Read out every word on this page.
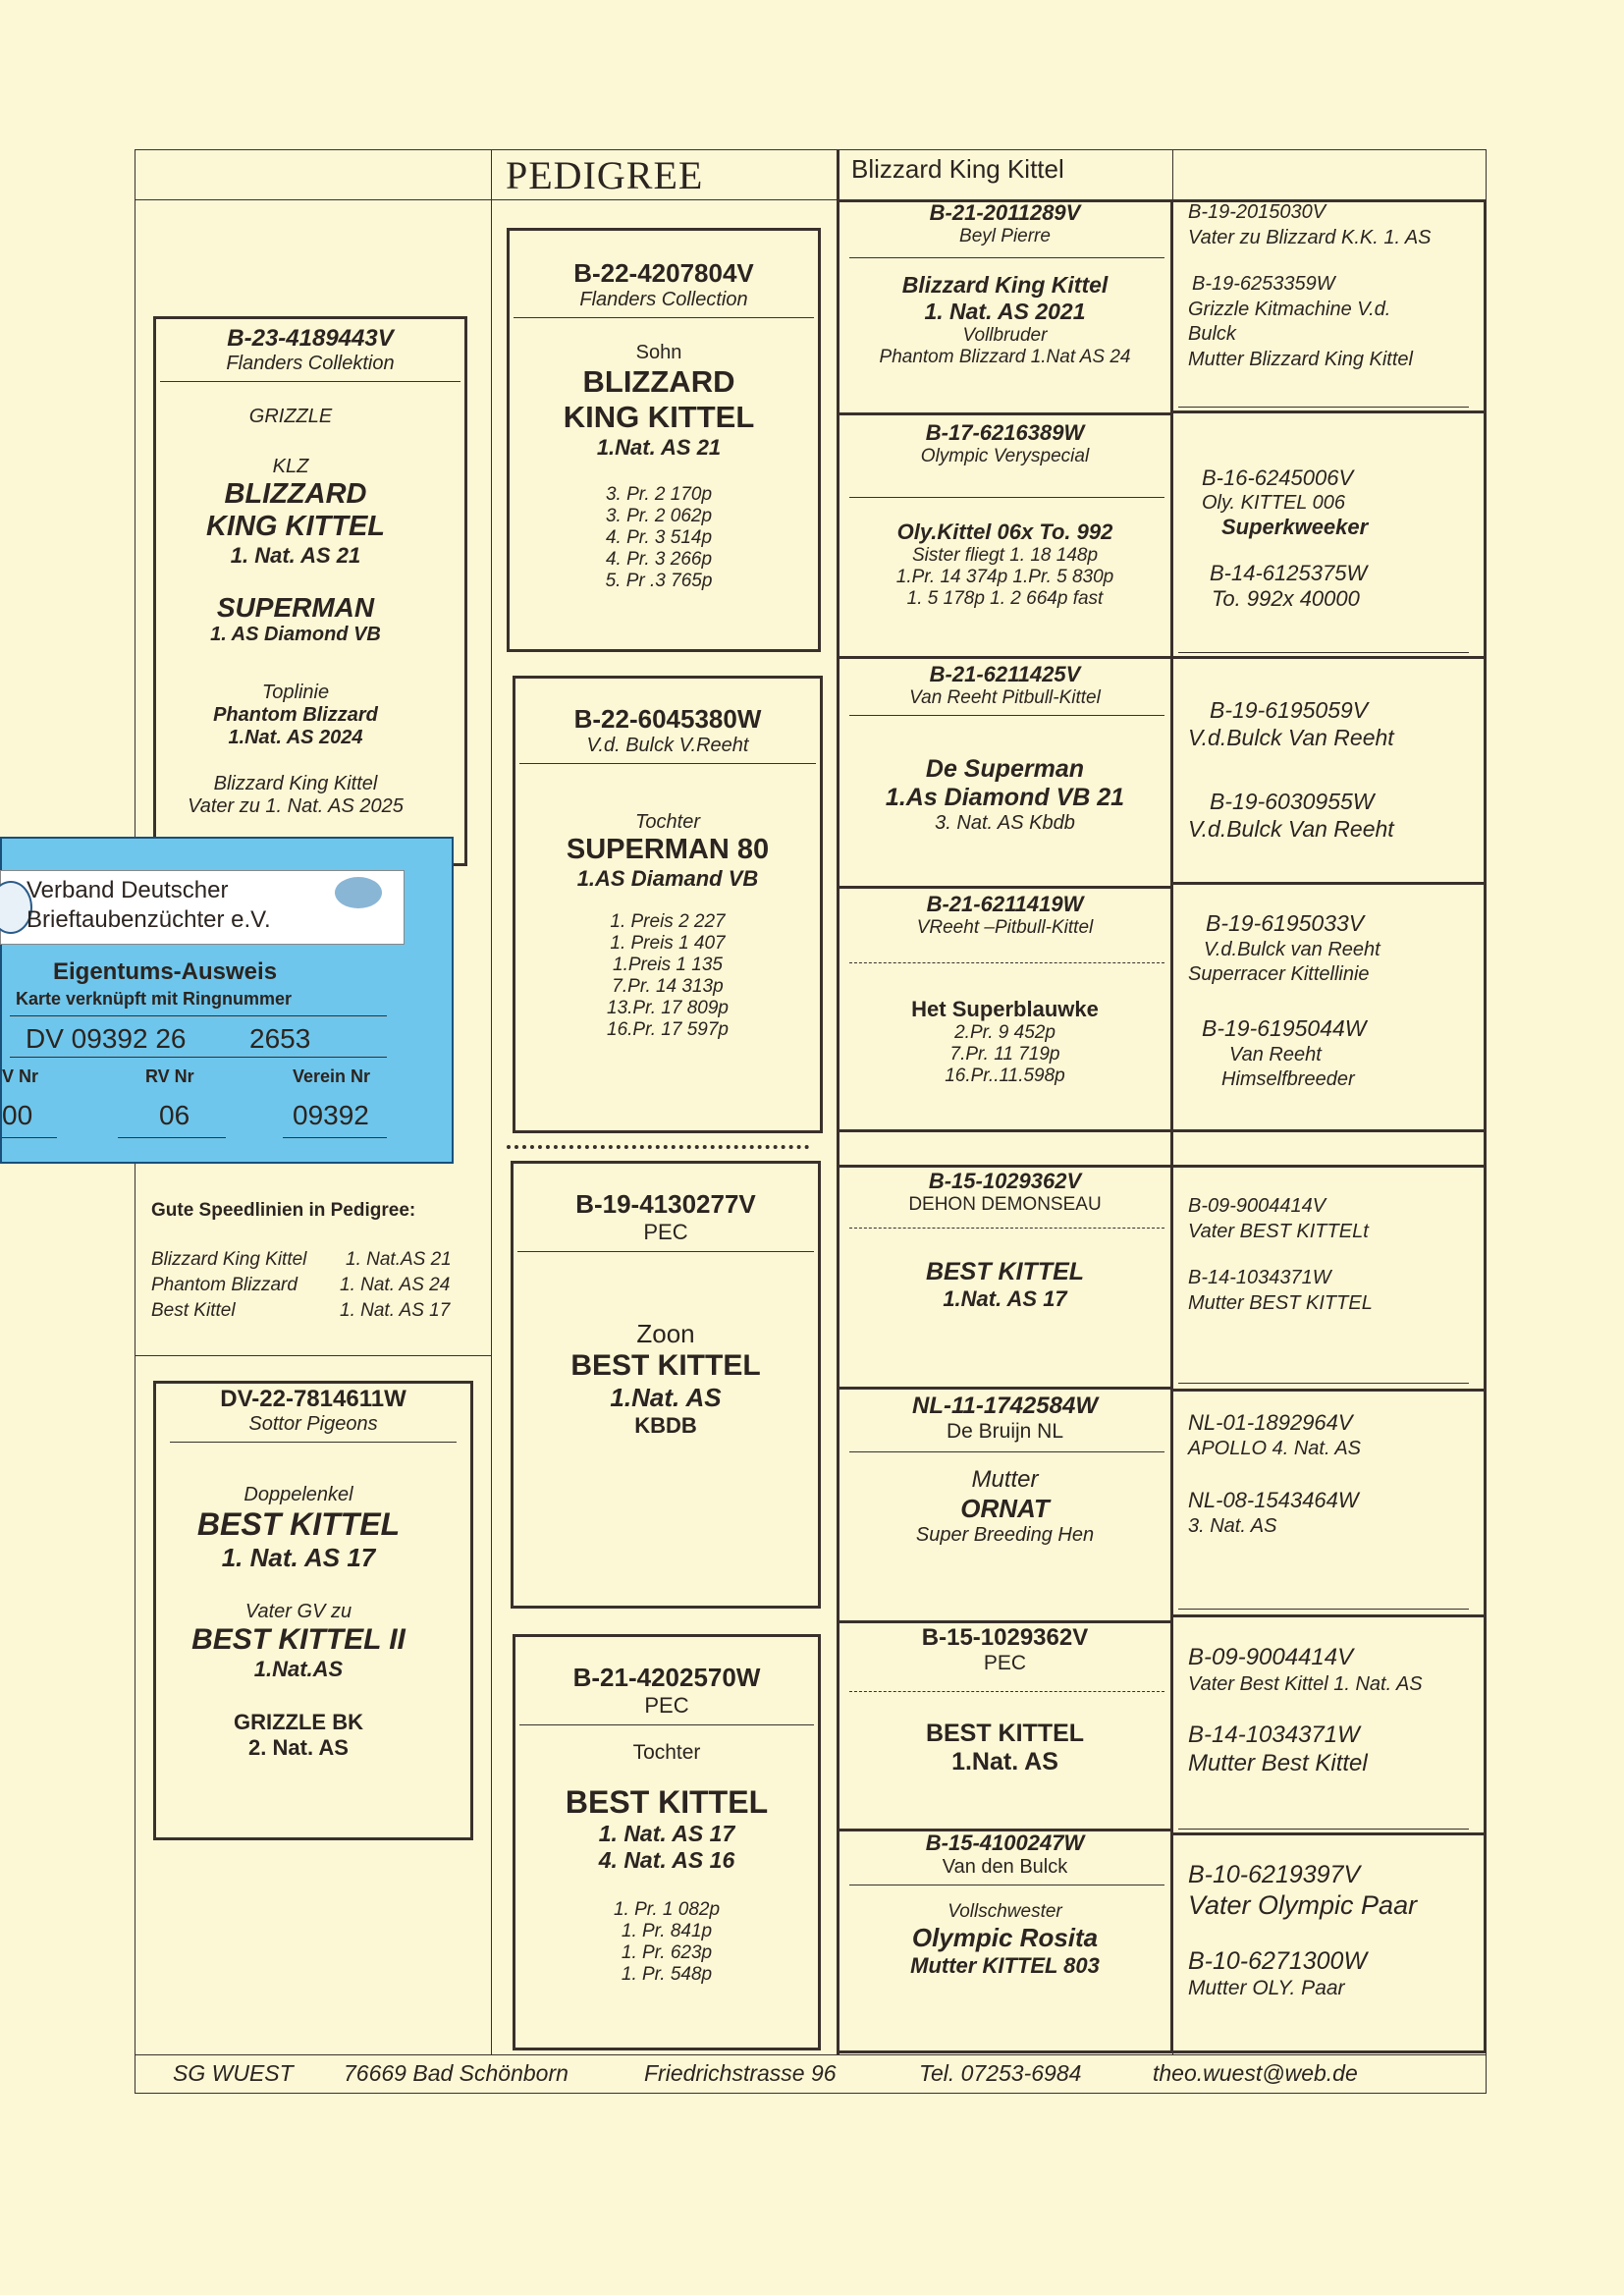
PEDIGREE	Blizzard King Kittel
B-23-4189443V
Flanders Collektion
GRIZZLE
KLZ
BLIZZARD
KING KITTEL
1. Nat. AS 21
SUPERMAN
1. AS Diamond VB
Toplinie
Phantom Blizzard
1.Nat. AS 2024
Blizzard King Kittel
Vater zu 1. Nat. AS 2025
Verband Deutscher
Brieftaubenzüchter e.V.
Eigentums-Ausweis
Karte verknüpft mit Ringnummer
DV 09392 26 2653
V Nr	RV Nr	Verein Nr
00	06	09392
Gute Speedlinien in Pedigree:
Blizzard King Kittel 1. Nat.AS 21
Phantom Blizzard 1. Nat. AS 24
Best Kittel	1. Nat. AS 17
DV-22-7814611W
Sottor Pigeons
Doppelenkel
BEST KITTEL
1. Nat. AS 17
Vater GV zu
BEST KITTEL II
1.Nat.AS
GRIZZLE BK
2. Nat. AS
B-22-4207804V
Flanders Collection
Sohn
BLIZZARD
KING KITTEL
1.Nat. AS 21
3. Pr. 2 170p
3. Pr. 2 062p
4. Pr. 3 514p
4. Pr. 3 266p
5. Pr .3 765p
B-22-6045380W
V.d. Bulck V.Reeht
Tochter
SUPERMAN 80
1.AS Diamand VB
1. Preis 2 227
1. Preis 1 407
1.Preis 1 135
7.Pr. 14 313p
13.Pr. 17 809p
16.Pr. 17 597p
B-19-4130277V
PEC
Zoon
BEST KITTEL
1.Nat. AS
KBDB
B-21-4202570W
PEC
Tochter
BEST KITTEL
1. Nat. AS 17
4. Nat. AS 16
1. Pr. 1 082p
1. Pr. 841p
1. Pr. 623p
1. Pr. 548p
B-21-2011289V
Beyl Pierre
Blizzard King Kittel
1. Nat. AS 2021
Vollbruder
Phantom Blizzard 1.Nat AS 24
B-17-6216389W
Olympic Veryspecial
Oly.Kittel 06x To. 992
Sister fliegt 1. 18 148p
1.Pr. 14 374p 1.Pr. 5 830p
1. 5 178p 1. 2 664p fast
B-21-6211425V
Van Reeht Pitbull-Kittel
De Superman
1.As Diamond VB 21
3. Nat. AS Kbdb
B-21-6211419W
VReeht –Pitbull-Kittel
Het Superblauwke
2.Pr. 9 452p
7.Pr. 11 719p
16.Pr..11.598p
B-15-1029362V
DEHON DEMONSEAU
BEST KITTEL
1.Nat. AS 17
NL-11-1742584W
De Bruijn NL
Mutter
ORNAT
Super Breeding Hen
B-15-1029362V
PEC
BEST KITTEL
1.Nat. AS
B-15-4100247W
Van den Bulck
Vollschwester
Olympic Rosita
Mutter KITTEL 803
B-19-2015030V
Vater zu Blizzard K.K. 1. AS
B-19-6253359W
Grizzle Kitmachine V.d.
Bulck
Mutter Blizzard King Kittel
B-16-6245006V
Oly. KITTEL 006
Superkweeker
B-14-6125375W
To. 992x 40000
B-19-6195059V
V.d.Bulck Van Reeht
B-19-6030955W
V.d.Bulck Van Reeht
B-19-6195033V
V.d.Bulck van Reeht
Superracer Kittellinie
B-19-6195044W
Van Reeht
Himselfbreeder
B-09-9004414V
Vater BEST KITTELt
B-14-1034371W
Mutter BEST KITTEL
NL-01-1892964V
APOLLO 4. Nat. AS
NL-08-1543464W
3. Nat. AS
B-09-9004414V
Vater Best Kittel 1. Nat. AS
B-14-1034371W
Mutter Best Kittel
B-10-6219397V
Vater Olympic Paar
B-10-6271300W
Mutter OLY. Paar
SG WUEST 76669 Bad Schönborn	Friedrichstrasse 96	Tel. 07253-6984	theo.wuest@web.de
